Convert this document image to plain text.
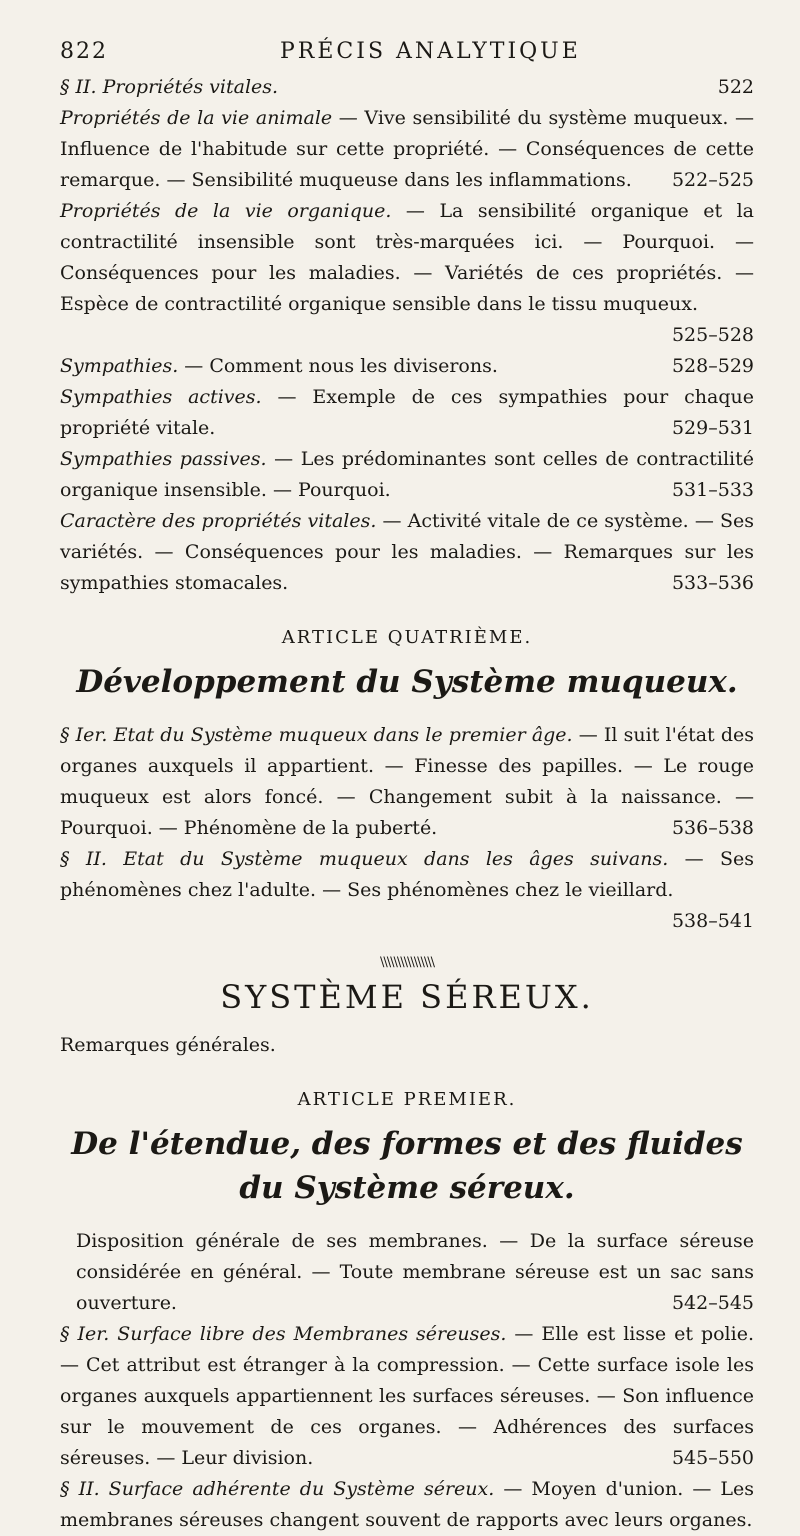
822	PRÉCIS ANALYTIQUE
§ II. Propriétés vitales.	522
Propriétés de la vie animale — Vive sensibilité du système muqueux. — Influence de l'habitude sur cette propriété. — Conséquences de cette remarque. — Sensibilité muqueuse dans les inflammations. 522–525
Propriétés de la vie organique. — La sensibilité organique et la contractilité insensible sont très-marquées ici. — Pourquoi. — Conséquences pour les maladies. — Variétés de ces propriétés. — Espèce de contractilité organique sensible dans le tissu muqueux.
525–528
Sympathies. — Comment nous les diviserons.	528–529
Sympathies actives. — Exemple de ces sympathies pour chaque propriété vitale.	529–531
Sympathies passives. — Les prédominantes sont celles de contractilité organique insensible. — Pourquoi.	531–533
Caractère des propriétés vitales. — Activité vitale de ce système. — Ses variétés. — Conséquences pour les maladies. — Remarques sur les sympathies stomacales.	533–536
ARTICLE QUATRIÈME.
Développement du Système muqueux.
§ Ier. Etat du Système muqueux dans le premier âge. — Il suit l'état des organes auxquels il appartient. — Finesse des papilles. — Le rouge muqueux est alors foncé. — Changement subit à la naissance. — Pourquoi. — Phénomène de la puberté.	536–538
§ II. Etat du Système muqueux dans les âges suivans. — Ses phénomènes chez l'adulte. — Ses phénomènes chez le vieillard.
538–541
\\\\\\\\\\\\\\\\
SYSTÈME SÉREUX.
Remarques générales.
ARTICLE PREMIER.
De l'étendue, des formes et des fluides du Système séreux.
Disposition générale de ses membranes. — De la surface séreuse considérée en général. — Toute membrane séreuse est un sac sans ouverture.	542–545
§ Ier. Surface libre des Membranes séreuses. — Elle est lisse et polie. — Cet attribut est étranger à la compression. — Cette surface isole les organes auxquels appartiennent les surfaces séreuses. — Son influence sur le mouvement de ces organes. — Adhérences des surfaces séreuses. — Leur division.	545–550
§ II. Surface adhérente du Système séreux. — Moyen d'union. — Les membranes séreuses changent souvent de rapports avec leurs organes.
